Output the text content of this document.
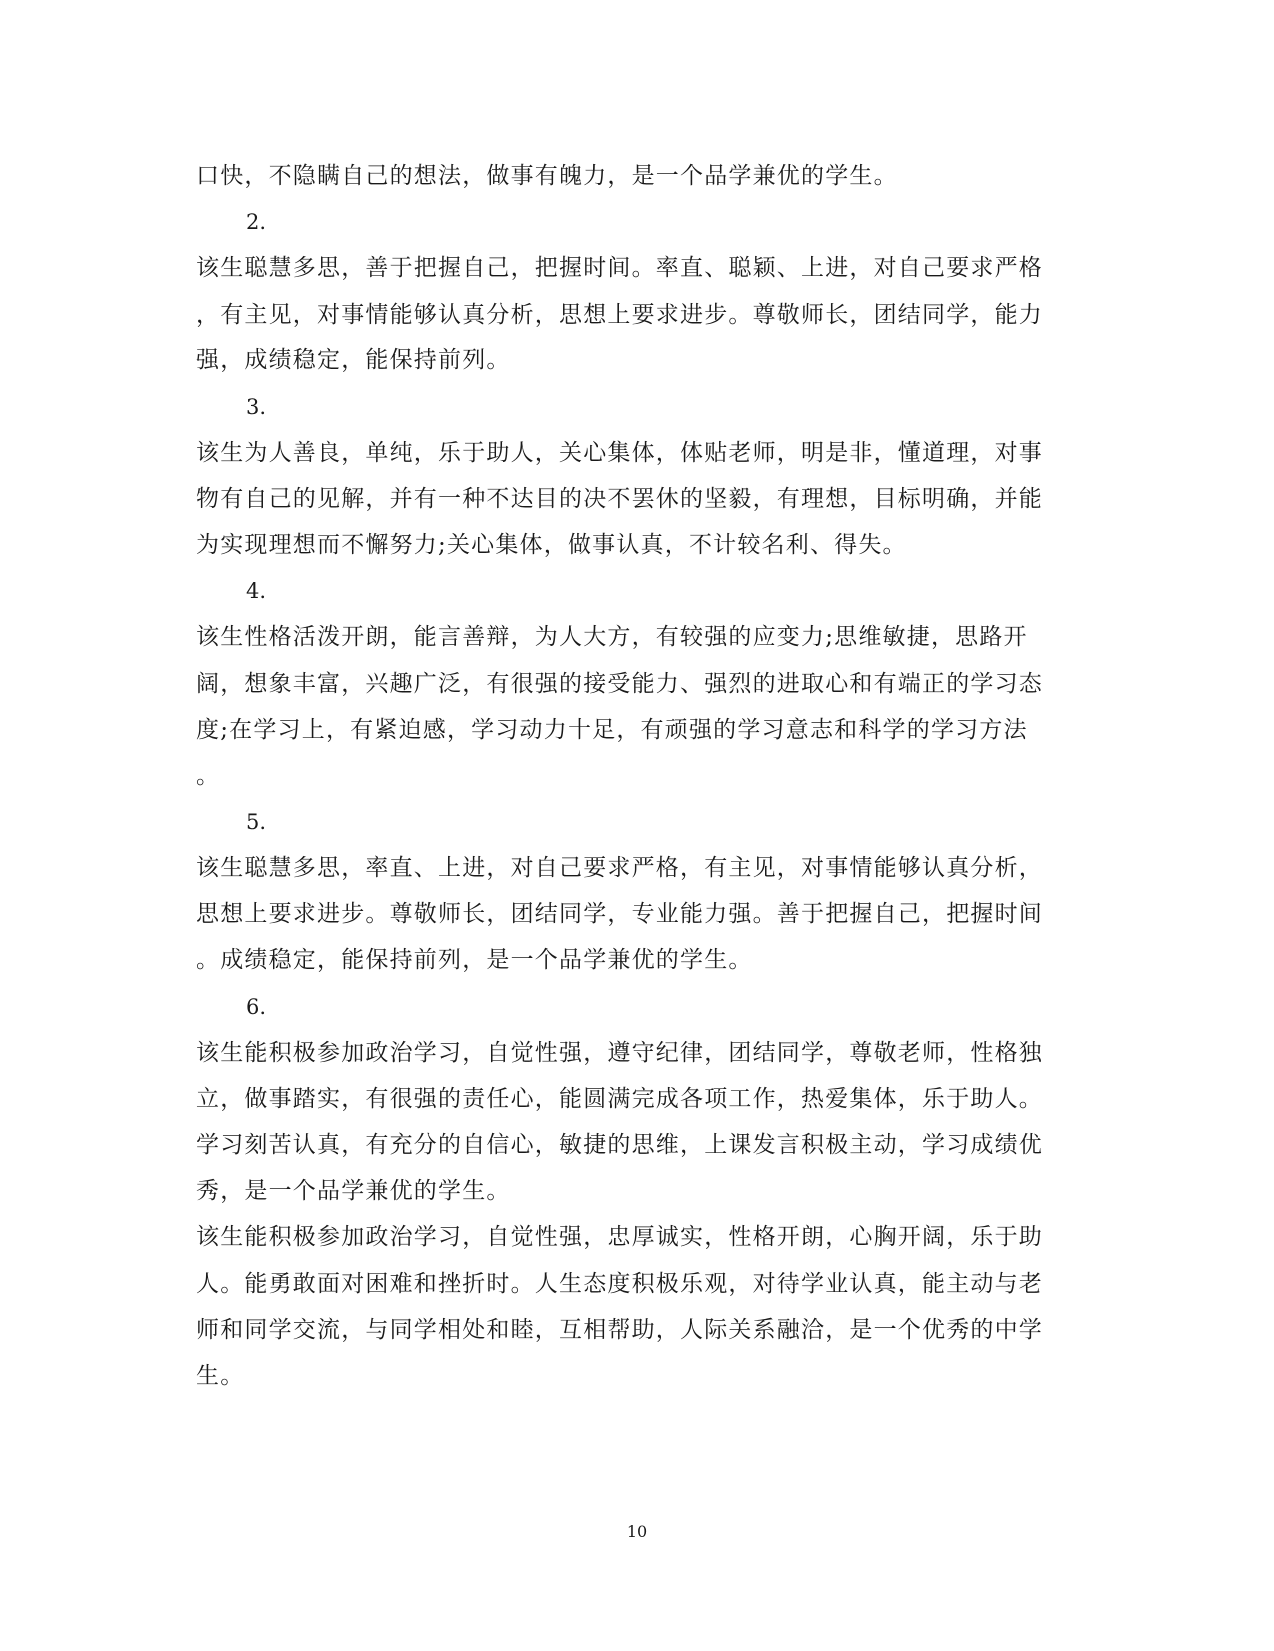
口快，不隐瞒自己的想法，做事有魄力，是一个品学兼优的学生。
2.
该生聪慧多思，善于把握自己，把握时间。率直、聪颖、上进，对自己要求严格
，有主见，对事情能够认真分析，思想上要求进步。尊敬师长，团结同学，能力
强，成绩稳定，能保持前列。
3.
该生为人善良，单纯，乐于助人，关心集体，体贴老师，明是非，懂道理，对事
物有自己的见解，并有一种不达目的决不罢休的坚毅，有理想，目标明确，并能
为实现理想而不懈努力;关心集体，做事认真，不计较名利、得失。
4.
该生性格活泼开朗，能言善辩，为人大方，有较强的应变力;思维敏捷，思路开
阔，想象丰富，兴趣广泛，有很强的接受能力、强烈的进取心和有端正的学习态
度;在学习上，有紧迫感，学习动力十足，有顽强的学习意志和科学的学习方法
。
5.
该生聪慧多思，率直、上进，对自己要求严格，有主见，对事情能够认真分析，
思想上要求进步。尊敬师长，团结同学，专业能力强。善于把握自己，把握时间
。成绩稳定，能保持前列，是一个品学兼优的学生。
6.
该生能积极参加政治学习，自觉性强，遵守纪律，团结同学，尊敬老师，性格独
立，做事踏实，有很强的责任心，能圆满完成各项工作，热爱集体，乐于助人。
学习刻苦认真，有充分的自信心，敏捷的思维，上课发言积极主动，学习成绩优
秀，是一个品学兼优的学生。
该生能积极参加政治学习，自觉性强，忠厚诚实，性格开朗，心胸开阔，乐于助
人。能勇敢面对困难和挫折时。人生态度积极乐观，对待学业认真，能主动与老
师和同学交流，与同学相处和睦，互相帮助，人际关系融洽，是一个优秀的中学
生。
10
